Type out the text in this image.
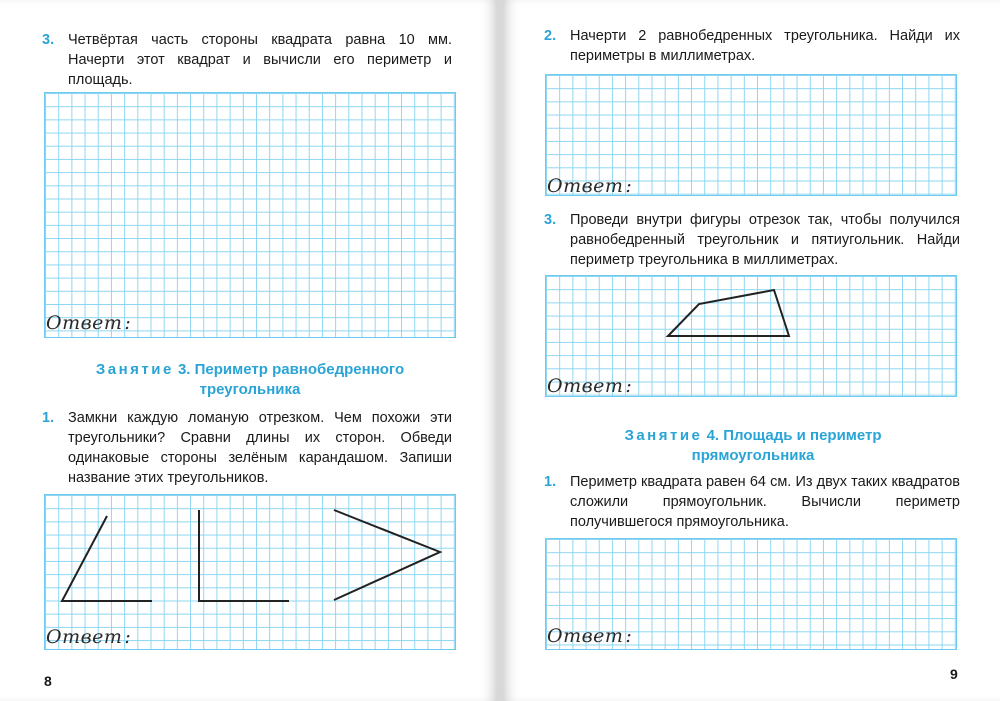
3. Четвёртая часть стороны квадрата равна 10 мм. Начерти этот квадрат и вычисли его периметр и площадь.
Ответ :
Занятие 3. Периметр равнобедренного треугольника
1. Замкни каждую ломаную отрезком. Чем похожи эти треугольники? Сравни длины их сторон. Обведи одинаковые стороны зелёным карандашом. Запиши название этих треугольников.
Ответ :
8
2. Начерти 2 равнобедренных треугольника. Найди их периметры в миллиметрах.
Ответ :
3. Проведи внутри фигуры отрезок так, чтобы получился равнобедренный треугольник и пятиугольник. Найди периметр треугольника в миллиметрах.
Ответ :
Занятие 4. Площадь и периметр прямоугольника
1. Периметр квадрата равен 64 см. Из двух таких квадратов сложили прямоугольник. Вычисли периметр получившегося прямоугольника.
Ответ :
9
